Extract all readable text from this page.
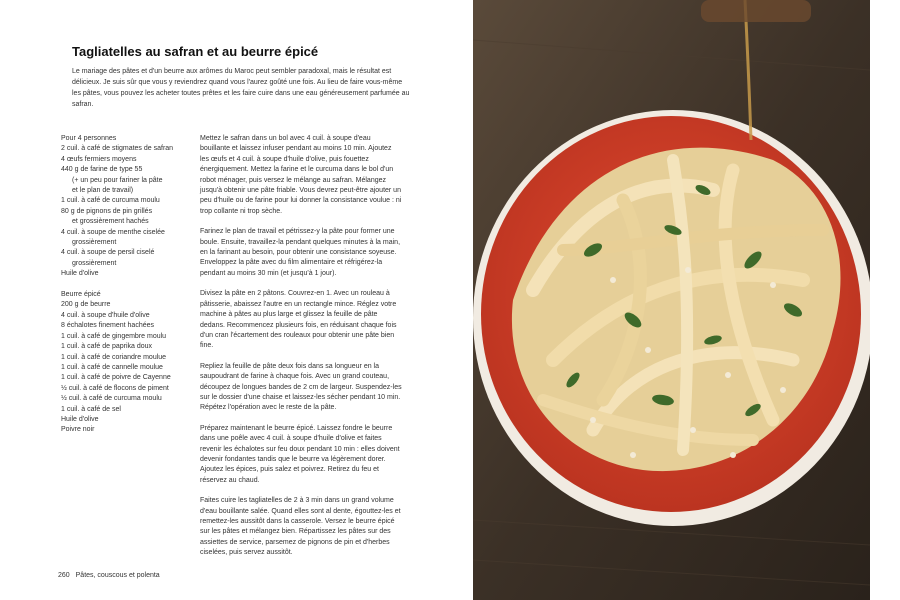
Tagliatelles au safran et au beurre épicé

Le mariage des pâtes et d'un beurre aux arômes du Maroc peut sembler paradoxal, mais le résultat est délicieux. Je suis sûr que vous y reviendrez quand vous l'aurez goûté une fois. Au lieu de faire vous-même les pâtes, vous pouvez les acheter toutes prêtes et les faire cuire dans une eau généreusement parfumée au safran.

Pour 4 personnes
2 cuil. à café de stigmates de safran
4 œufs fermiers moyens
440 g de farine de type 55
(+ un peu pour fariner la pâte
et le plan de travail)
1 cuil. à café de curcuma moulu
80 g de pignons de pin grillés
et grossièrement hachés
4 cuil. à soupe de menthe ciselée
grossièrement
4 cuil. à soupe de persil ciselé
grossièrement
Huile d'olive
Beurre épicé
200 g de beurre
4 cuil. à soupe d'huile d'olive
8 échalotes finement hachées
1 cuil. à café de gingembre moulu
1 cuil. à café de paprika doux
1 cuil. à café de coriandre moulue
1 cuil. à café de cannelle moulue
1 cuil. à café de poivre de Cayenne
½ cuil. à café de flocons de piment
½ cuil. à café de curcuma moulu
1 cuil. à café de sel
Huile d'olive
Poivre noir

Mettez le safran dans un bol avec 4 cuil. à soupe d'eau bouillante et laissez infuser pendant au moins 10 min. Ajoutez les œufs et 4 cuil. à soupe d'huile d'olive, puis fouettez énergiquement. Mettez la farine et le curcuma dans le bol d'un robot ménager, puis versez le mélange au safran. Mélangez jusqu'à obtenir une pâte friable. Vous devrez peut-être ajouter un peu d'huile ou de farine pour lui donner la consistance voulue : ni trop collante ni trop sèche.

Farinez le plan de travail et pétrissez-y la pâte pour former une boule. Ensuite, travaillez-la pendant quelques minutes à la main, en la farinant au besoin, pour obtenir une consistance soyeuse. Enveloppez la pâte avec du film alimentaire et réfrigérez-la pendant au moins 30 min (et jusqu'à 1 jour).

Divisez la pâte en 2 pâtons. Couvrez-en 1. Avec un rouleau à pâtisserie, abaissez l'autre en un rectangle mince. Réglez votre machine à pâtes au plus large et glissez la feuille de pâte dedans. Recommencez plusieurs fois, en réduisant chaque fois d'un cran l'écartement des rouleaux pour obtenir une pâte bien fine.

Repliez la feuille de pâte deux fois dans sa longueur en la saupoudrant de farine à chaque fois. Avec un grand couteau, découpez de longues bandes de 2 cm de largeur. Suspendez-les sur le dossier d'une chaise et laissez-les sécher pendant 10 min. Répétez l'opération avec le reste de la pâte.

Préparez maintenant le beurre épicé. Laissez fondre le beurre dans une poêle avec 4 cuil. à soupe d'huile d'olive et faites revenir les échalotes sur feu doux pendant 10 min : elles doivent devenir fondantes tandis que le beurre va légèrement dorer. Ajoutez les épices, puis salez et poivrez. Retirez du feu et réservez au chaud.

Faites cuire les tagliatelles de 2 à 3 min dans un grand volume d'eau bouillante salée. Quand elles sont al dente, égouttez-les et remettez-les aussitôt dans la casserole. Versez le beurre épicé sur les pâtes et mélangez bien. Répartissez les pâtes sur des assiettes de service, parsemez de pignons de pin et d'herbes ciselées, puis servez aussitôt.

260 Pâtes, couscous et polenta
